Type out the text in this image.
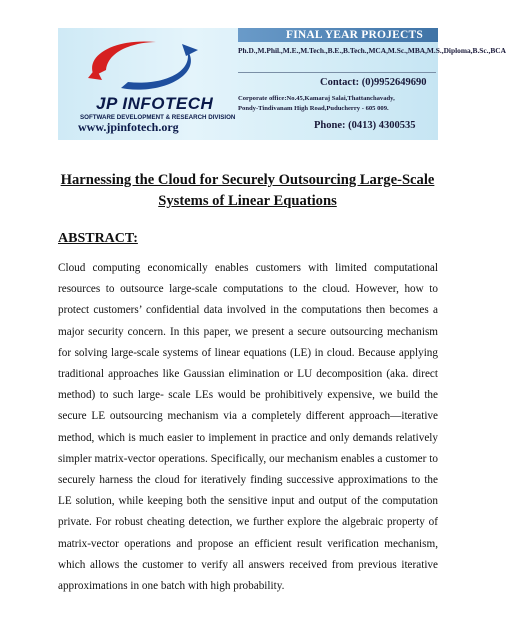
FINAL YEAR PROJECTS
JP INFOTECH
SOFTWARE DEVELOPMENT & RESEARCH DIVISION
www.jpinfotech.org
Ph.D.,M.Phil.,M.E.,M.Tech.,B.E.,B.Tech.,MCA,M.Sc.,MBA,M.S.,Diploma,B.Sc.,BCA
Contact: (0)9952649690
Corporate office:No.45,Kamaraj Salai,Thattanchavady,
Pondy-Tindivanam High Road,Puducherry - 605 009.
Phone: (0413) 4300535
Harnessing the Cloud for Securely Outsourcing Large-Scale Systems of Linear Equations
ABSTRACT:

Cloud computing economically enables customers with limited computational resources to outsource large-scale computations to the cloud. However, how to protect customers’ confidential data involved in the computations then becomes a major security concern. In this paper, we present a secure outsourcing mechanism for solving large-scale systems of linear equations (LE) in cloud. Because applying traditional approaches like Gaussian elimination or LU decomposition (aka. direct method) to such large- scale LEs would be prohibitively expensive, we build the secure LE outsourcing mechanism via a completely different approach—iterative method, which is much easier to implement in practice and only demands relatively simpler matrix-vector operations. Specifically, our mechanism enables a customer to securely harness the cloud for iteratively finding successive approximations to the LE solution, while keeping both the sensitive input and output of the computation private. For robust cheating detection, we further explore the algebraic property of matrix-vector operations and propose an efficient result verification mechanism, which allows the customer to verify all answers received from previous iterative approximations in one batch with high probability.
